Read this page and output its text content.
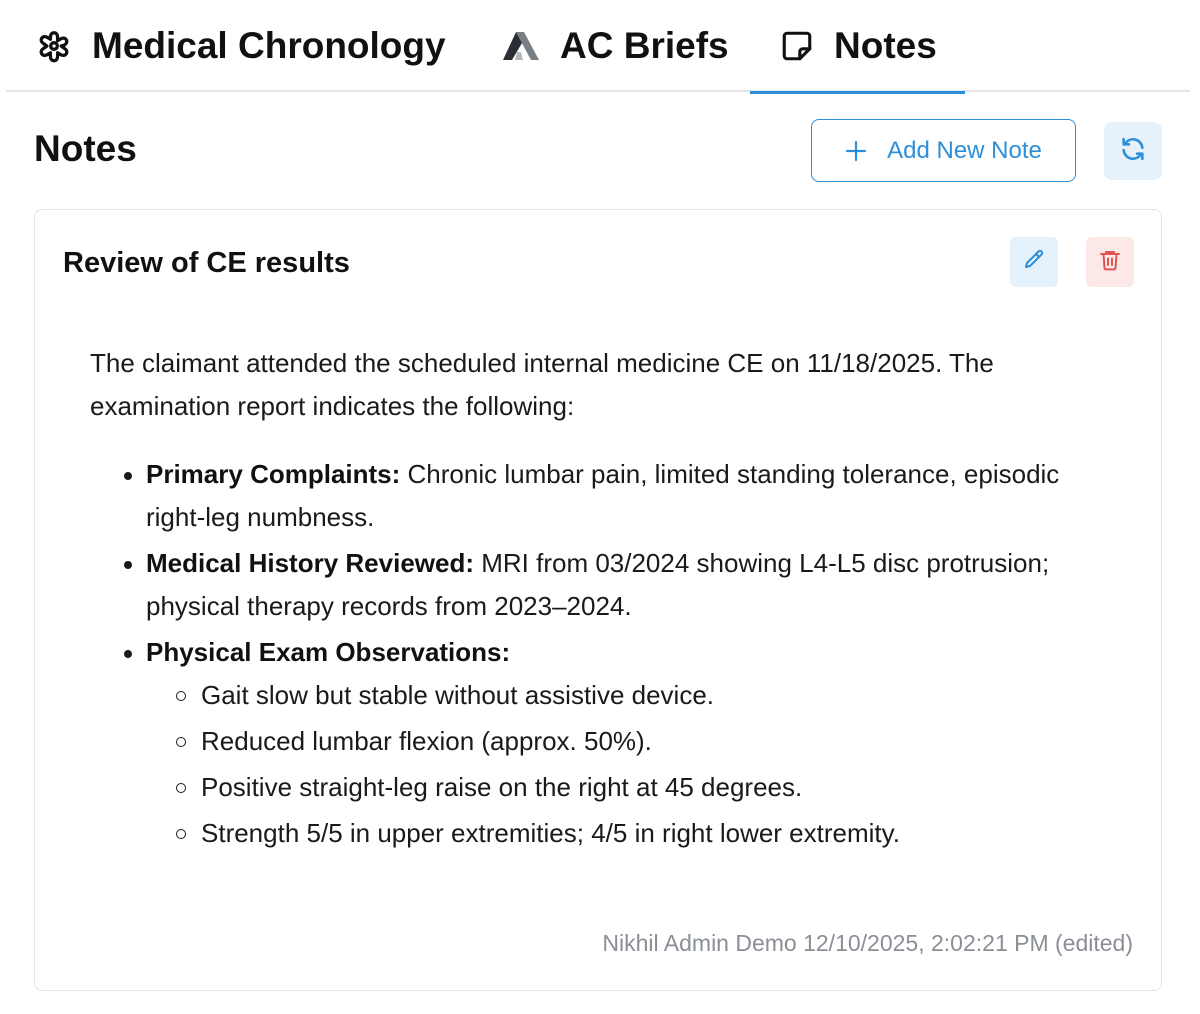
Medical Chronology	AC Briefs	Notes
Notes	Add New Note
Review of CE results

The claimant attended the scheduled internal medicine CE on 11/18/2025. The examination report indicates the following:

Primary Complaints: Chronic lumbar pain, limited standing tolerance, episodic right-leg numbness.
Medical History Reviewed: MRI from 03/2024 showing L4-L5 disc protrusion; physical therapy records from 2023–2024.
Physical Exam Observations:
Gait slow but stable without assistive device.
Reduced lumbar flexion (approx. 50%).
Positive straight-leg raise on the right at 45 degrees.
Strength 5/5 in upper extremities; 4/5 in right lower extremity.
Nikhil Admin Demo 12/10/2025, 2:02:21 PM (edited)
